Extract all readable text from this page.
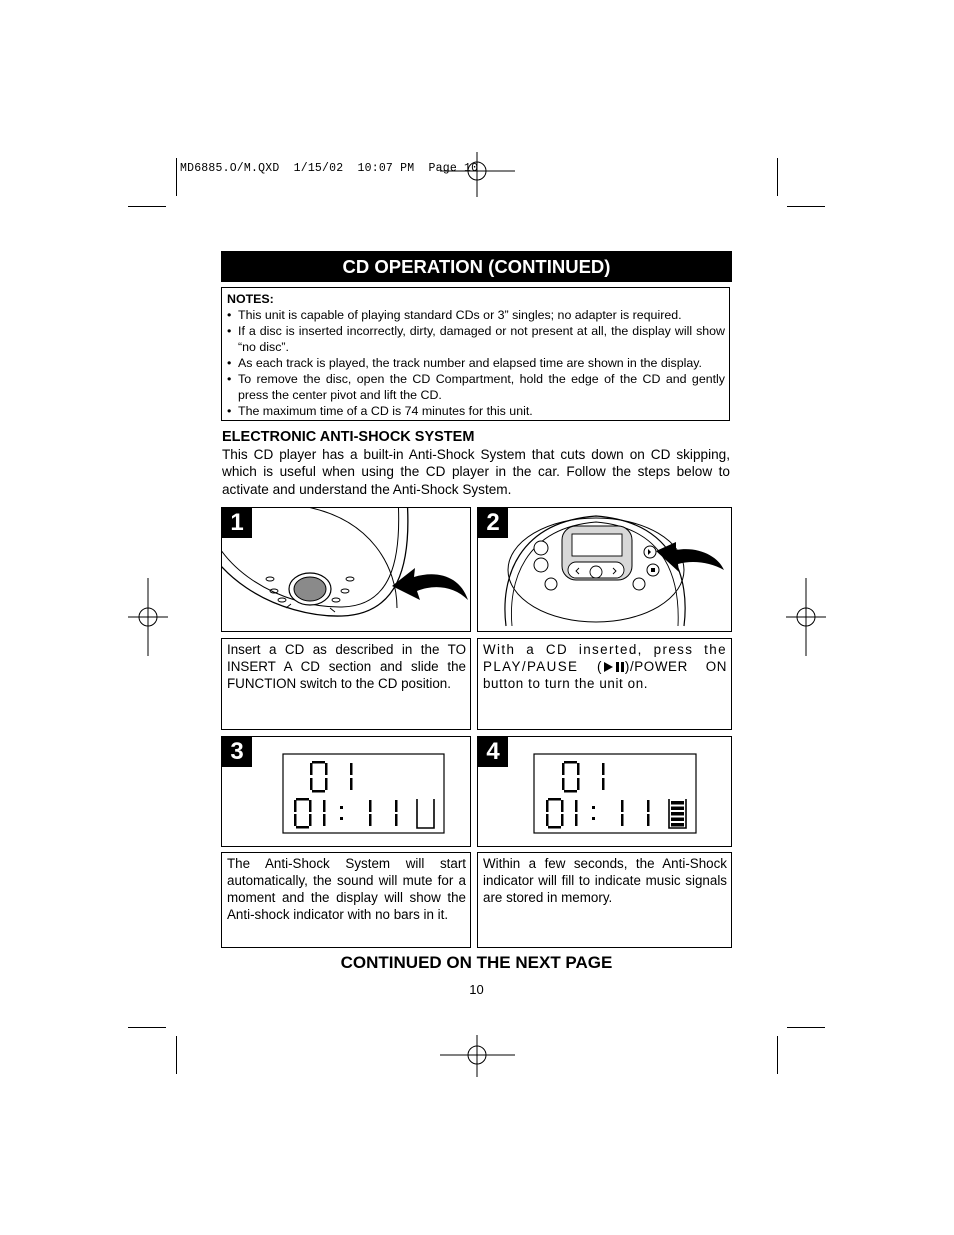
MD6885.O/M.QXD  1/15/02  10:07 PM  Page 10
CD OPERATION (CONTINUED)
NOTES:
• This unit is capable of playing standard CDs or 3” singles; no adapter is required.
• If a disc is inserted incorrectly, dirty, damaged or not present at all, the display will show “no disc”.
• As each track is played, the track number and elapsed time are shown in the display.
• To remove the disc, open the CD Compartment, hold the edge of the CD and gently press the center pivot and lift the CD.
• The maximum time of a CD is 74 minutes for this unit.
ELECTRONIC ANTI-SHOCK SYSTEM
This CD player has a built-in Anti-Shock System that cuts down on CD skipping, which is useful when using the CD player in the car. Follow the steps below to activate and understand the Anti-Shock System.
1	2
Insert a CD as described in the TO INSERT A CD section and slide the FUNCTION switch to the CD position.
With a CD inserted, press the PLAY/PAUSE ( )/POWER ON button to turn the unit on.
3	4
The Anti-Shock System will start automatically, the sound will mute for a moment and the display will show the Anti-shock indicator with no bars in it.
Within a few seconds, the Anti-Shock indicator will fill to indicate music signals are stored in memory.
CONTINUED ON THE NEXT PAGE
10
